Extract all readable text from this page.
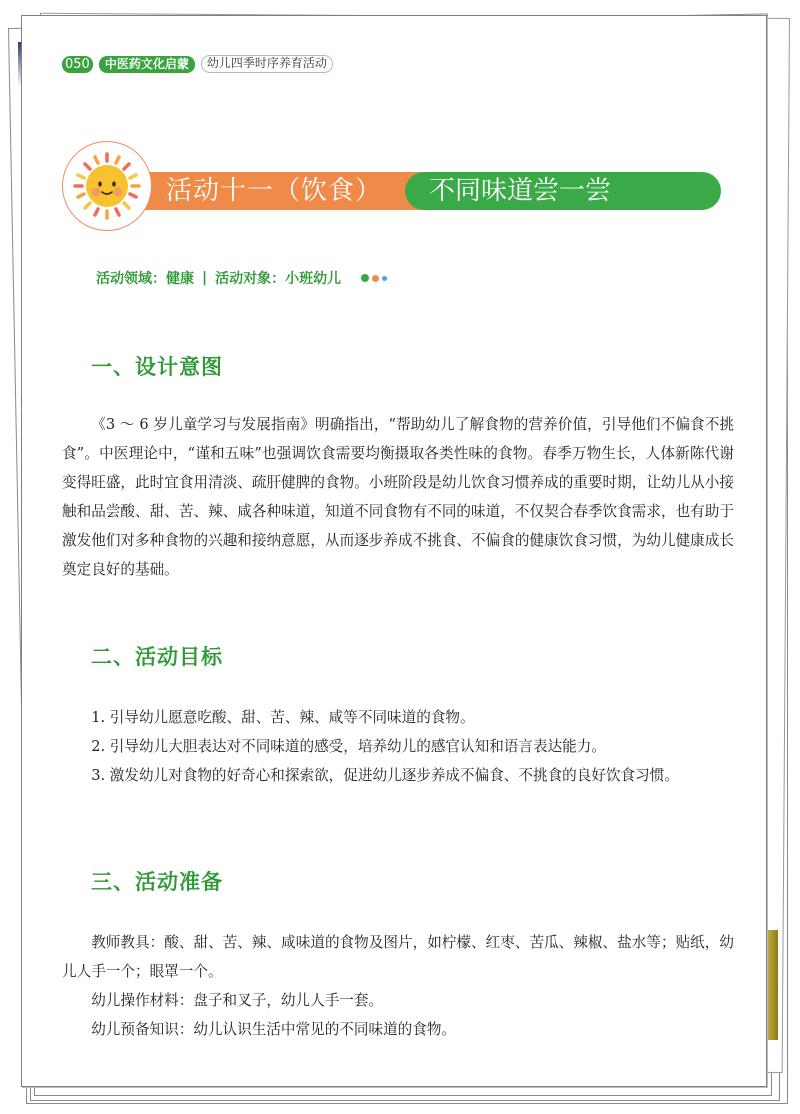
050	中医药文化启蒙	幼儿四季时序养育活动
活动十一（饮食） 不同味道尝一尝
活动领域：健康 | 活动对象：小班幼儿
一、设计意图

《3 ～ 6 岁儿童学习与发展指南》明确指出，“帮助幼儿了解食物的营养价值，引导他们不偏食不挑食”。中医理论中，“谨和五味”也强调饮食需要均衡摄取各类性味的食物。春季万物生长，人体新陈代谢变得旺盛，此时宜食用清淡、疏肝健脾的食物。小班阶段是幼儿饮食习惯养成的重要时期，让幼儿从小接触和品尝酸、甜、苦、辣、咸各种味道，知道不同食物有不同的味道，不仅契合春季饮食需求，也有助于激发他们对多种食物的兴趣和接纳意愿，从而逐步养成不挑食、不偏食的健康饮食习惯，为幼儿健康成长奠定良好的基础。

二、活动目标
1. 引导幼儿愿意吃酸、甜、苦、辣、咸等不同味道的食物。
2. 引导幼儿大胆表达对不同味道的感受，培养幼儿的感官认知和语言表达能力。
3. 激发幼儿对食物的好奇心和探索欲，促进幼儿逐步养成不偏食、不挑食的良好饮食习惯。
三、活动准备
教师教具：酸、甜、苦、辣、咸味道的食物及图片，如柠檬、红枣、苦瓜、辣椒、盐水等；贴纸，幼儿人手一个；眼罩一个。
幼儿操作材料：盘子和叉子，幼儿人手一套。
幼儿预备知识：幼儿认识生活中常见的不同味道的食物。
